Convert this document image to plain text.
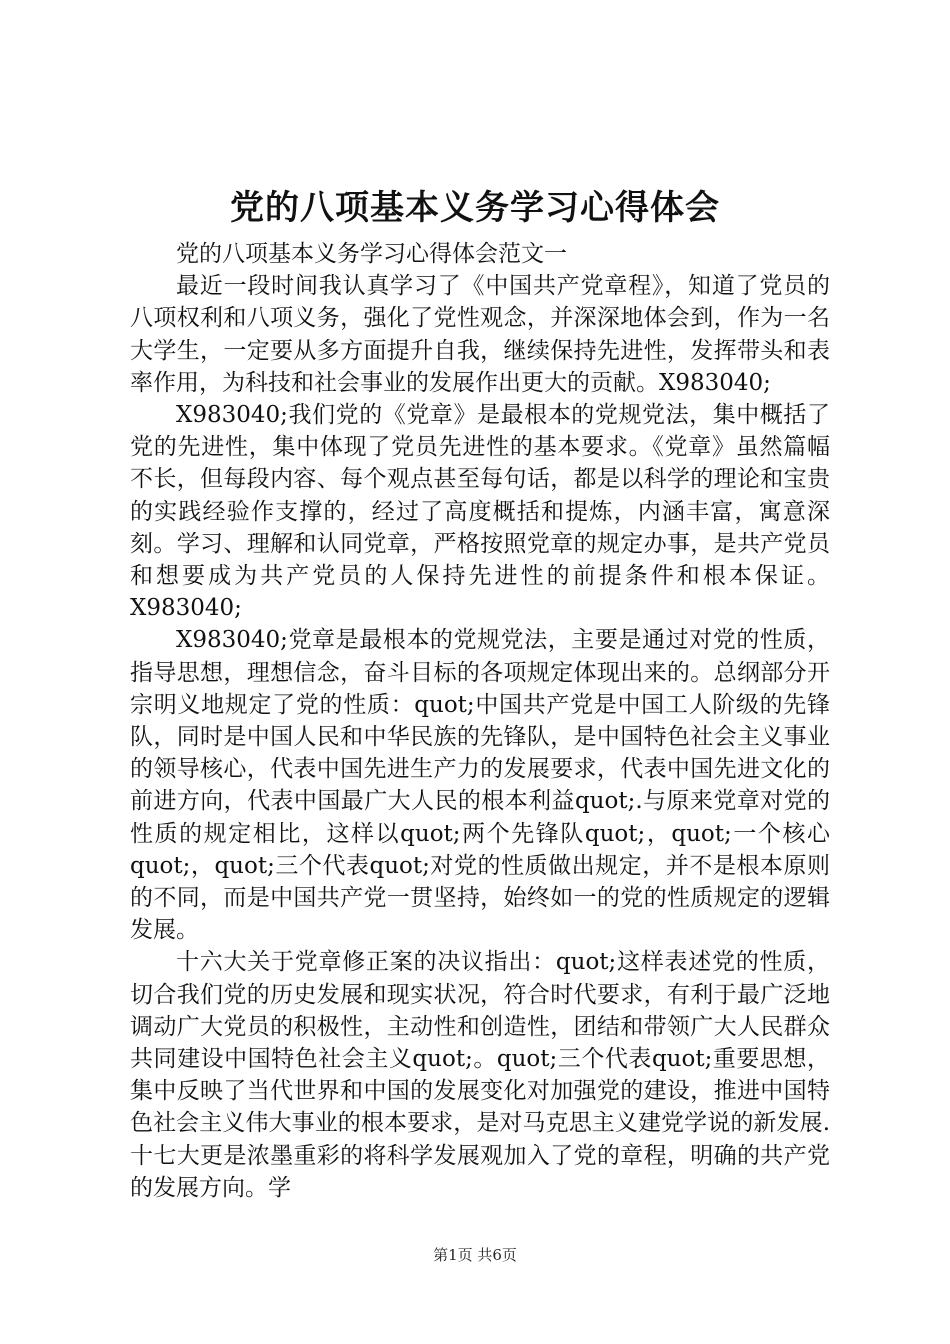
党的八项基本义务学习心得体会

党的八项基本义务学习心得体会范文一

最近一段时间我认真学习了《中国共产党章程》，知道了党员的八项权利和八项义务，强化了党性观念，并深深地体会到，作为一名大学生，一定要从多方面提升自我，继续保持先进性，发挥带头和表率作用，为科技和社会事业的发展作出更大的贡献。X983040;

X983040;我们党的《党章》是最根本的党规党法，集中概括了党的先进性，集中体现了党员先进性的基本要求。《党章》虽然篇幅不长，但每段内容、每个观点甚至每句话，都是以科学的理论和宝贵的实践经验作支撑的，经过了高度概括和提炼，内涵丰富，寓意深刻。学习、理解和认同党章，严格按照党章的规定办事，是共产党员和想要成为共产党员的人保持先进性的前提条件和根本保证。X983040;

X983040;党章是最根本的党规党法，主要是通过对党的性质，指导思想，理想信念，奋斗目标的各项规定体现出来的。总纲部分开宗明义地规定了党的性质：quot;中国共产党是中国工人阶级的先锋队，同时是中国人民和中华民族的先锋队，是中国特色社会主义事业的领导核心，代表中国先进生产力的发展要求，代表中国先进文化的前进方向，代表中国最广大人民的根本利益quot;.与原来党章对党的性质的规定相比，这样以quot;两个先锋队quot;，quot;一个核心quot;，quot;三个代表quot;对党的性质做出规定，并不是根本原则的不同，而是中国共产党一贯坚持，始终如一的党的性质规定的逻辑发展。

十六大关于党章修正案的决议指出：quot;这样表述党的性质，切合我们党的历史发展和现实状况，符合时代要求，有利于最广泛地调动广大党员的积极性，主动性和创造性，团结和带领广大人民群众共同建设中国特色社会主义quot;。quot;三个代表quot;重要思想，集中反映了当代世界和中国的发展变化对加强党的建设，推进中国特色社会主义伟大事业的根本要求，是对马克思主义建党学说的新发展.十七大更是浓墨重彩的将科学发展观加入了党的章程，明确的共产党的发展方向。学

第1页 共6页
